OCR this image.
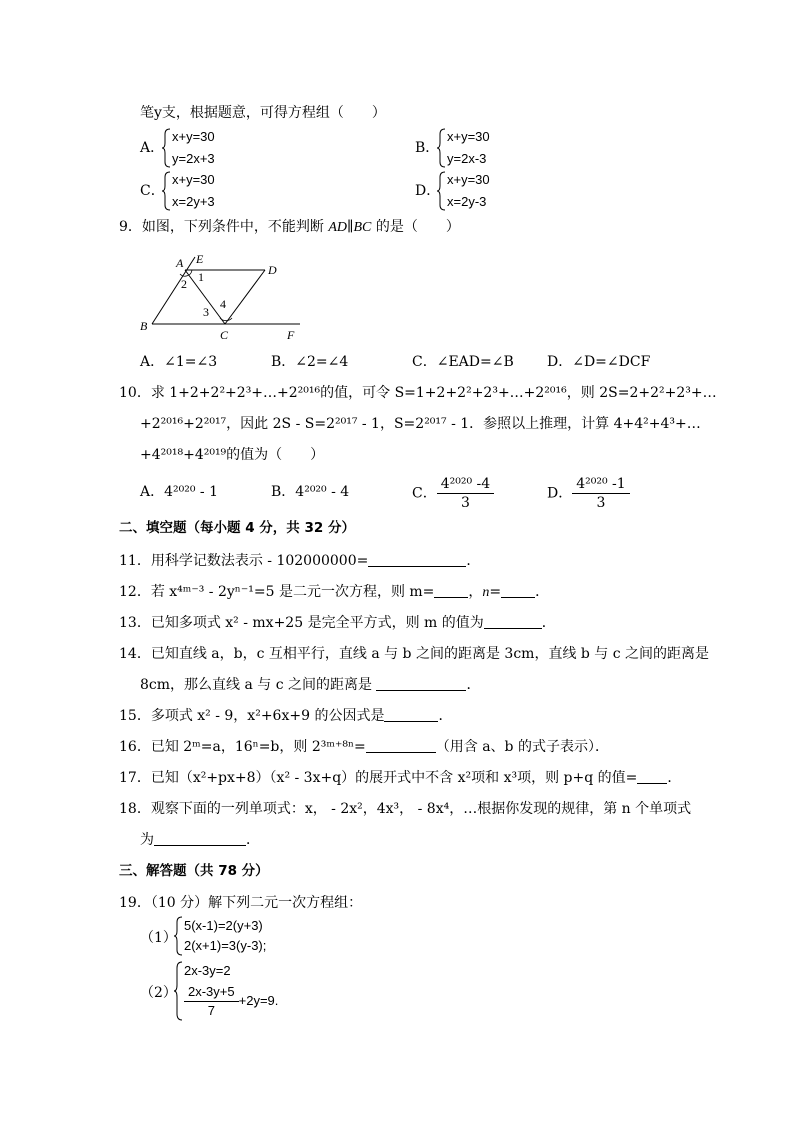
笔y支，根据题意，可得方程组（　　）
A．
x+y=30
y=2x+3
B．
x+y=30
y=2x-3
C．
x+y=30
x=2y+3
D．
x+y=30
x=2y-3
9．如图，下列条件中，不能判断 AD∥BC 的是（　　）
A E
D
1
2
4
3
B
C	F
A．∠1=∠3	B．∠2=∠4	C．∠EAD=∠B D．∠D=∠DCF
10．求 1+2+2²+2³+…+2²⁰¹⁶的值，可令 S=1+2+2²+2³+…+2²⁰¹⁶，则 2S=2+2²+2³+…
+2²⁰¹⁶+2²⁰¹⁷，因此 2S - S=2²⁰¹⁷ - 1，S=2²⁰¹⁷ - 1．参照以上推理，计算 4+4²+4³+…
+4²⁰¹⁸+4²⁰¹⁹的值为（　　）
A．4²⁰²⁰ - 1	B．4²⁰²⁰ - 4	C． $\frac{\text{4²⁰²⁰ -4}}{3}$	D． $\frac{\text{4²⁰²⁰ -1}}{3}$
二、填空题（每小题 4 分，共 32 分）
11．用科学记数法表示 - 102000000=	．
12．若 x⁴ᵐ⁻³ - 2yⁿ⁻¹=5 是二元一次方程，则 m= ，n= ．
13．已知多项式 x² - mx+25 是完全平方式，则 m 的值为	．
14．已知直线 a，b，c 互相平行，直线 a 与 b 之间的距离是 3cm，直线 b 与 c 之间的距离是
8cm，那么直线 a 与 c 之间的距离是	．
15．多项式 x² - 9，x²+6x+9 的公因式是	．
16．已知 2ᵐ=a，16ⁿ=b，则 2³ᵐ⁺⁸ⁿ=	（用含 a、b 的式子表示）．
17．已知（x²+px+8）（x² - 3x+q）的展开式中不含 x²项和 x³项，则 p+q 的值= ．
18．观察下面的一列单项式：x， - 2x²，4x³， - 8x⁴，…根据你发现的规律，第 n 个单项式
为	．
三、解答题（共 78 分）
19．（10 分）解下列二元一次方程组：
（1）
5(x-1)=2(y+3)
2(x+1)=3(y-3);
（2）
2x-3y=2
$\frac{2x-3y+5}{7} +2y=9$.
